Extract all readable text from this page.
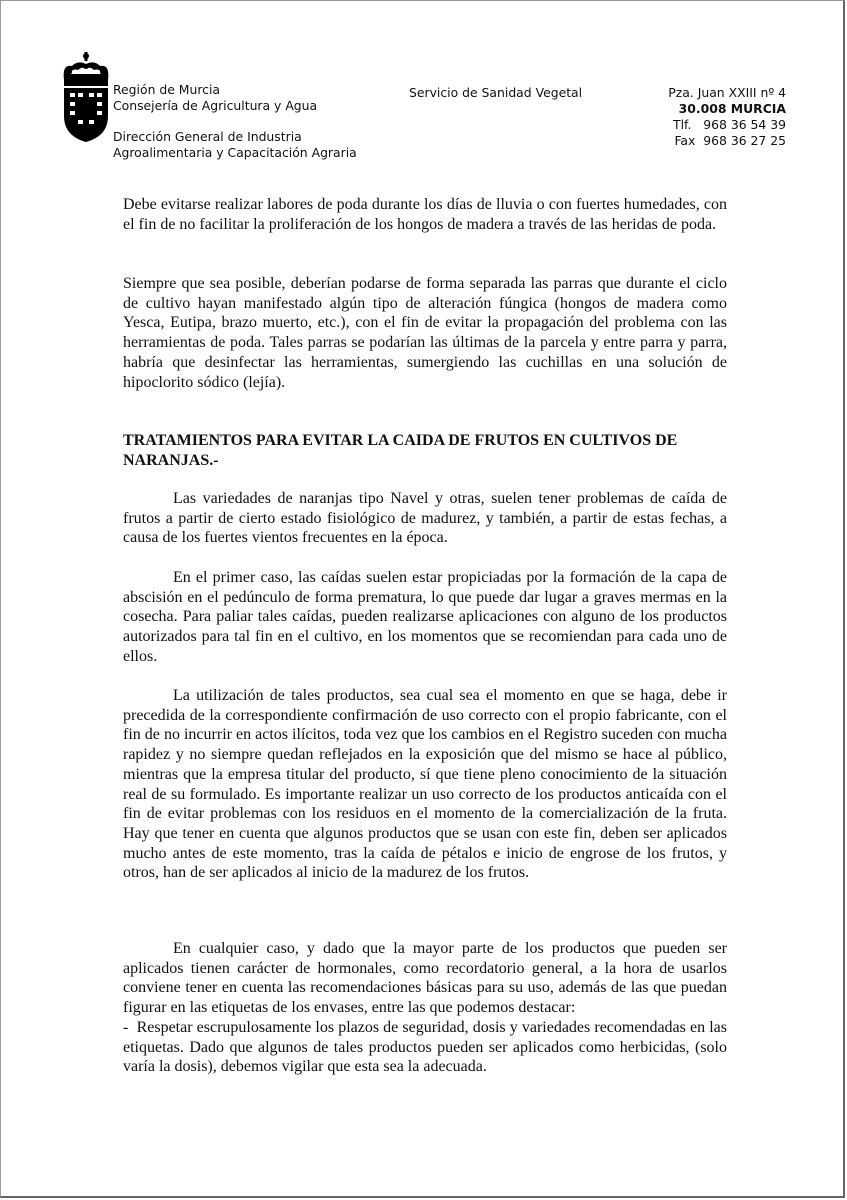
Región de Murcia
Consejería de Agricultura y Agua
Dirección General de Industria
Agroalimentaria y Capacitación Agraria
Servicio de Sanidad Vegetal	Pza. Juan XXIII nº 4
30.008 MURCIA
Tlf.   968 36 54 39
Fax  968 36 27 25

Debe evitarse realizar labores de poda durante los días de lluvia o con fuertes humedades, con el fin de no facilitar la proliferación de los hongos de madera a través de las heridas de poda.

Siempre que sea posible, deberían podarse de forma separada las parras que durante el ciclo de cultivo hayan manifestado algún tipo de alteración fúngica (hongos de madera como Yesca, Eutipa, brazo muerto, etc.), con el fin de evitar la propagación del problema con las herramientas de poda. Tales parras se podarían las últimas de la parcela y entre parra y parra, habría que desinfectar las herramientas, sumergiendo las cuchillas en una solución de hipoclorito sódico (lejía).

TRATAMIENTOS PARA EVITAR LA CAIDA DE FRUTOS EN CULTIVOS DE NARANJAS.-

Las variedades de naranjas tipo Navel y otras, suelen tener problemas de caída de frutos a partir de cierto estado fisiológico de madurez, y también, a partir de estas fechas, a causa de los fuertes vientos frecuentes en la época.

En el primer caso, las caídas suelen estar propiciadas por la formación de la capa de abscisión en el pedúnculo de forma prematura, lo que puede dar lugar a graves mermas en la cosecha. Para paliar tales caídas, pueden realizarse aplicaciones con alguno de los productos autorizados para tal fin en el cultivo, en los momentos que se recomiendan para cada uno de ellos.

La utilización de tales productos, sea cual sea el momento en que se haga, debe ir precedida de la correspondiente confirmación de uso correcto con el propio fabricante, con el fin de no incurrir en actos ilícitos, toda vez que los cambios en el Registro suceden con mucha rapidez y no siempre quedan reflejados en la exposición que del mismo se hace al público, mientras que la empresa titular del producto, sí que tiene pleno conocimiento de la situación real de su formulado. Es importante realizar un uso correcto de los productos anticaída con el fin de evitar problemas con los residuos en el momento de la comercialización de la fruta. Hay que tener en cuenta que algunos productos que se usan con este fin, deben ser aplicados mucho antes de este momento, tras la caída de pétalos e inicio de engrose de los frutos, y otros, han de ser aplicados al inicio de la madurez de los frutos.

En cualquier caso, y dado que la mayor parte de los productos que pueden ser aplicados tienen carácter de hormonales, como recordatorio general, a la hora de usarlos conviene tener en cuenta las recomendaciones básicas para su uso, además de las que puedan figurar en las etiquetas de los envases, entre las que podemos destacar:

-  Respetar escrupulosamente los plazos de seguridad, dosis y variedades recomendadas en las etiquetas. Dado que algunos de tales productos pueden ser aplicados como herbicidas, (solo varía la dosis), debemos vigilar que esta sea la adecuada.
